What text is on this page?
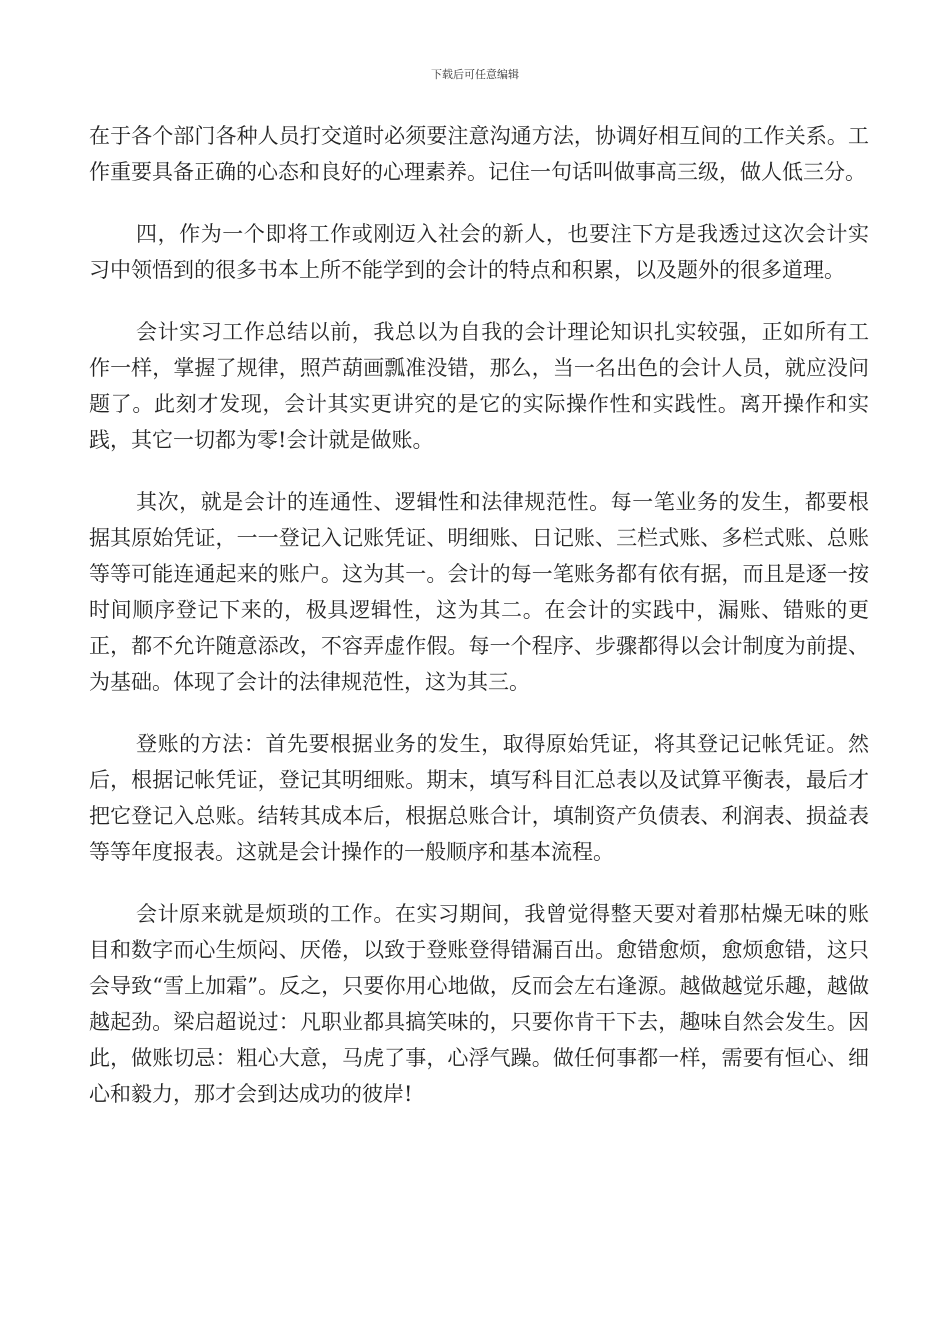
下载后可任意编辑

在于各个部门各种人员打交道时必须要注意沟通方法，协调好相互间的工作关系。工作重要具备正确的心态和良好的心理素养。记住一句话叫做事高三级，做人低三分。

四，作为一个即将工作或刚迈入社会的新人，也要注下方是我透过这次会计实习中领悟到的很多书本上所不能学到的会计的特点和积累，以及题外的很多道理。

会计实习工作总结以前，我总以为自我的会计理论知识扎实较强，正如所有工作一样，掌握了规律，照芦葫画瓢准没错，那么，当一名出色的会计人员，就应没问题了。此刻才发现，会计其实更讲究的是它的实际操作性和实践性。离开操作和实践，其它一切都为零!会计就是做账。

其次，就是会计的连通性、逻辑性和法律规范性。每一笔业务的发生，都要根据其原始凭证，一一登记入记账凭证、明细账、日记账、三栏式账、多栏式账、总账等等可能连通起来的账户。这为其一。会计的每一笔账务都有依有据，而且是逐一按时间顺序登记下来的，极具逻辑性，这为其二。在会计的实践中，漏账、错账的更正，都不允许随意添改，不容弄虚作假。每一个程序、步骤都得以会计制度为前提、为基础。体现了会计的法律规范性，这为其三。

登账的方法：首先要根据业务的发生，取得原始凭证，将其登记记帐凭证。然后，根据记帐凭证，登记其明细账。期末，填写科目汇总表以及试算平衡表，最后才把它登记入总账。结转其成本后，根据总账合计，填制资产负债表、利润表、损益表等等年度报表。这就是会计操作的一般顺序和基本流程。

会计原来就是烦琐的工作。在实习期间，我曾觉得整天要对着那枯燥无味的账目和数字而心生烦闷、厌倦，以致于登账登得错漏百出。愈错愈烦，愈烦愈错，这只会导致“雪上加霜”。反之，只要你用心地做，反而会左右逢源。越做越觉乐趣，越做越起劲。梁启超说过：凡职业都具搞笑味的，只要你肯干下去，趣味自然会发生。因此，做账切忌：粗心大意，马虎了事，心浮气躁。做任何事都一样，需要有恒心、细心和毅力，那才会到达成功的彼岸!
